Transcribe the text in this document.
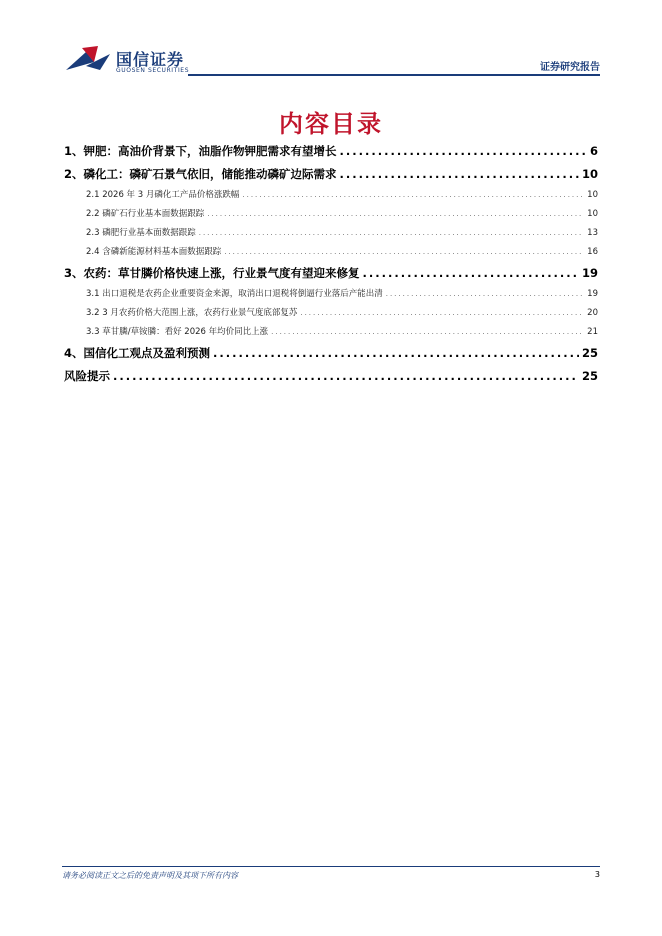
国信证券
GUOSEN SECURITIES	证券研究报告
内容目录
1、钾肥：高油价背景下，油脂作物钾肥需求有望增长 .....	6
2、磷化工：磷矿石景气依旧，储能推动磷矿边际需求 .....	10
2.1 2026 年 3 月磷化工产品价格涨跌幅 .....	10
2.2 磷矿石行业基本面数据跟踪 .....	10
2.3 磷肥行业基本面数据跟踪 .....	13
2.4 含磷新能源材料基本面数据跟踪 .....	16
3、农药：草甘膦价格快速上涨，行业景气度有望迎来修复 .....	19
3.1 出口退税是农药企业重要资金来源，取消出口退税将倒逼行业落后产能出清 .....	19
3.2 3 月农药价格大范围上涨，农药行业景气度底部复苏 .....	20
3.3 草甘膦/草铵膦：看好 2026 年均价同比上涨 .....	21
4、国信化工观点及盈利预测 .....	25
风险提示 .....	25
请务必阅读正文之后的免责声明及其项下所有内容	3
